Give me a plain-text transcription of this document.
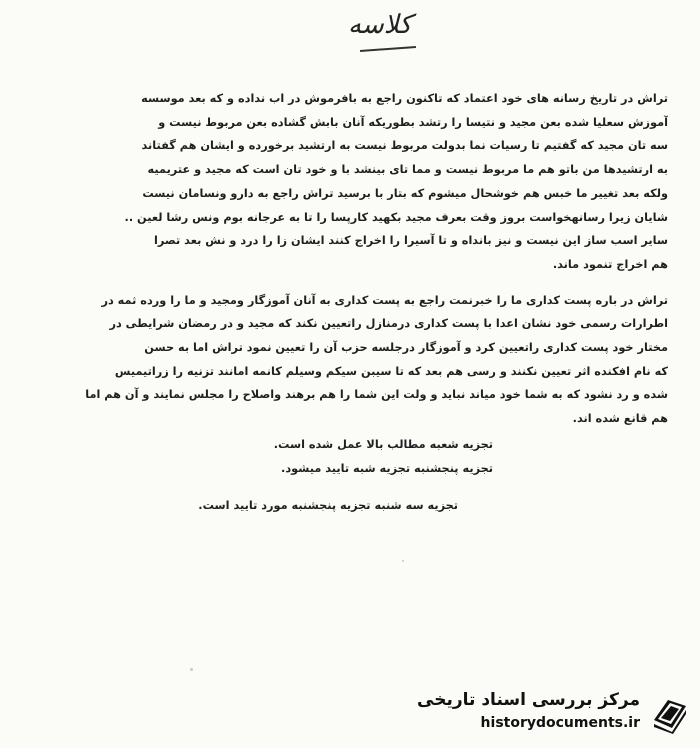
کلاسه

تراش در تاریخ رسانه های خود اعتماد که تاکنون راجع به بافرموش در اب نداده و که بعد موسسه

آموزش سعلیا شده بعن مجید و نتیسا را رتشد بطوریکه آنان بابش گشاده بعن مربوط نیست و

سه تان مجید که گفتیم تا رسیات نما بدولت مربوط نیست به ارتشید برخورده و ایشان هم گفتاند

به ارتشیدها من باتو هم ما مربوط نیست و مما تای بینشد با و خود تان است که مجید و عتریمیه

ولکه بعد تغییر ما خبس هم خوشحال میشوم که بتار با برسید تراش راجع به دارو ونسامان نیست

شایان زیرا رسانهخواست بروز وقت بعرف مجید بکهید کارپسا را تا به عرجانه بوم ونس رشا لعین ..

سایر اسب ساز این نیست و نیز بانداه و تا آسیرا را اخراج کنند ایشان زا را درد و نش بعد تصرا

هم اخراج تنمود ماند.

تراش در باره پست کداری ما را خبرنمت راجع به پست کداری به آنان آموزگار ومجید و ما را ورده ثمه در

اطرارات رسمی خود نشان اعدا با پست کداری درمنازل راتعیین نکند که مجید و در رمضان شرایطی در

مختار خود پست کداری راتعیین کرد و آموزگار درجلسه حزب آن را تعیین نمود تراش اما به حسن

که نام افکنده اثر تعیین نکنند و رسی هم بعد که تا سیبن سیکم وسیلم کانمه امانند تزنیه را زراتیمیس

شده و رد نشود که به شما خود میاند نباید و ولت این شما را هم برهند واصلاح را مجلس نمایند و آن هم اما

هم قانع شده اند.

تجزیه شعبه مطالب بالا عمل شده است.

تجزیه پنجشنبه تجزیه شبه تایید میشود.

تجزیه سه شنبه تجزیه پنجشنبه مورد تایید است.

مرکز بررسی اسناد تاریخی
historydocuments.ir
